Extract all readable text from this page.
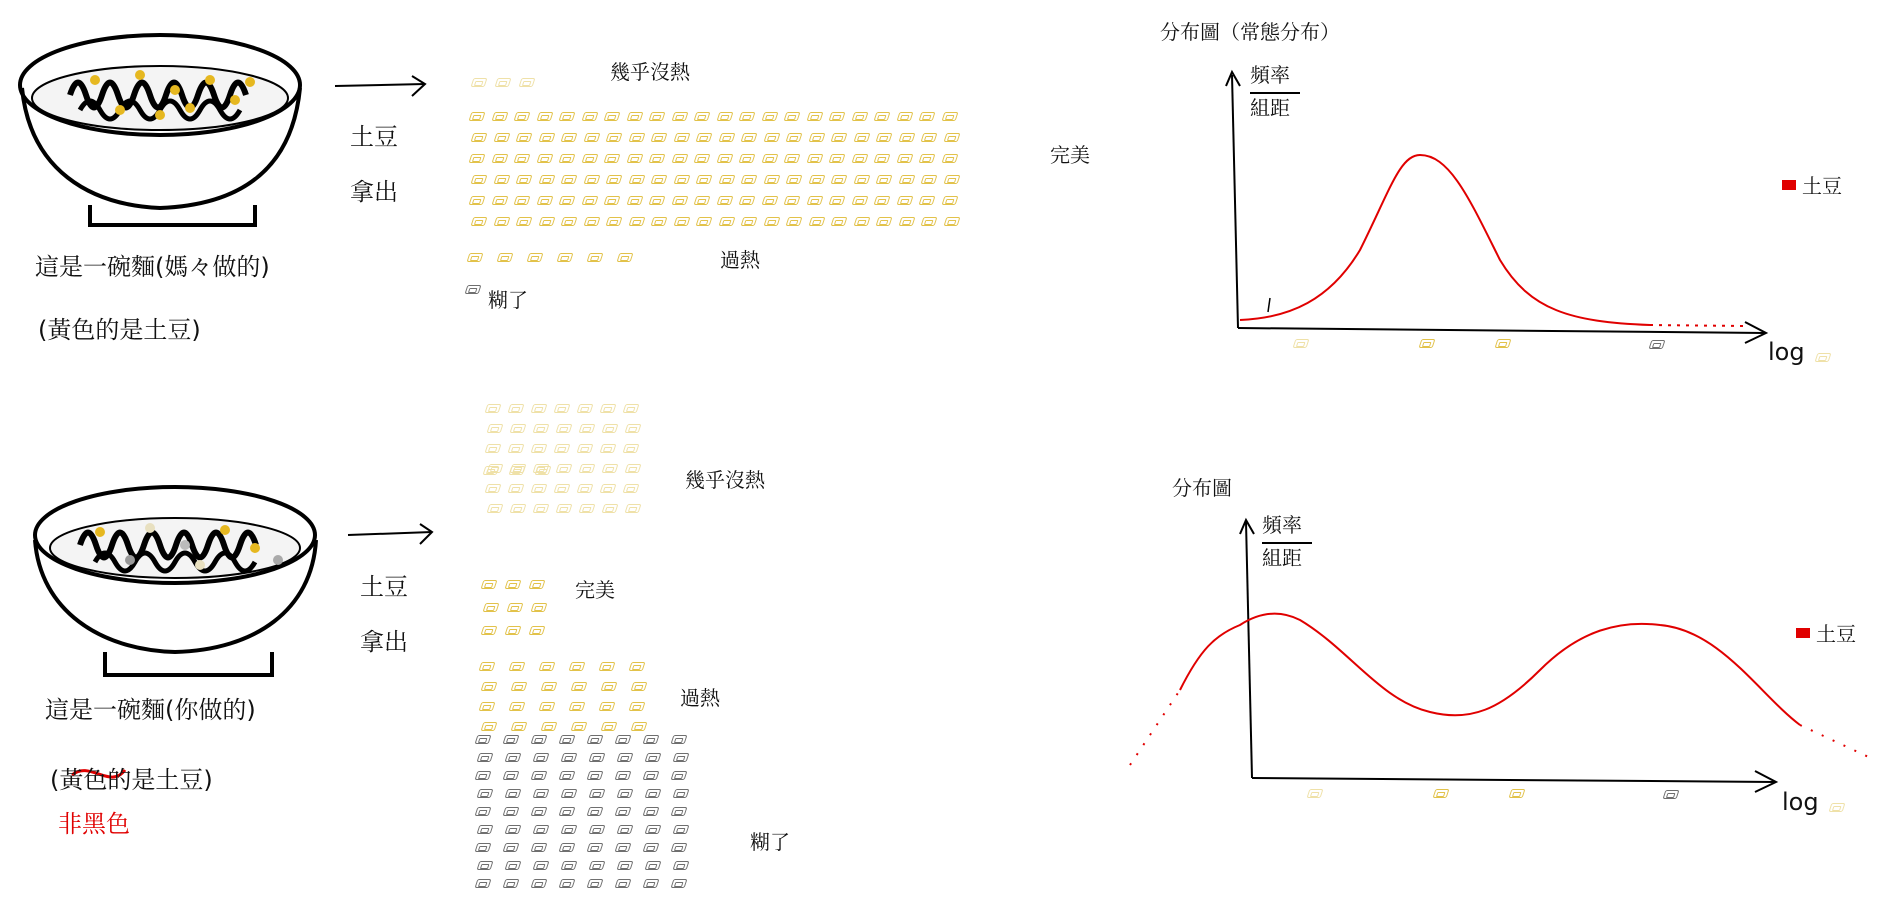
這是一碗麵(媽々做的)
(黃色的是土豆)
土豆
拿出
幾乎沒熱
完美
過熱
糊了
分布圖（常態分布）
頻率
組距
log
土豆
這是一碗麵(你做的)
(黃色的是土豆)
非黑色
土豆
拿出
幾乎沒熱
完美
過熱
糊了
分布圖
頻率
組距
log
土豆
